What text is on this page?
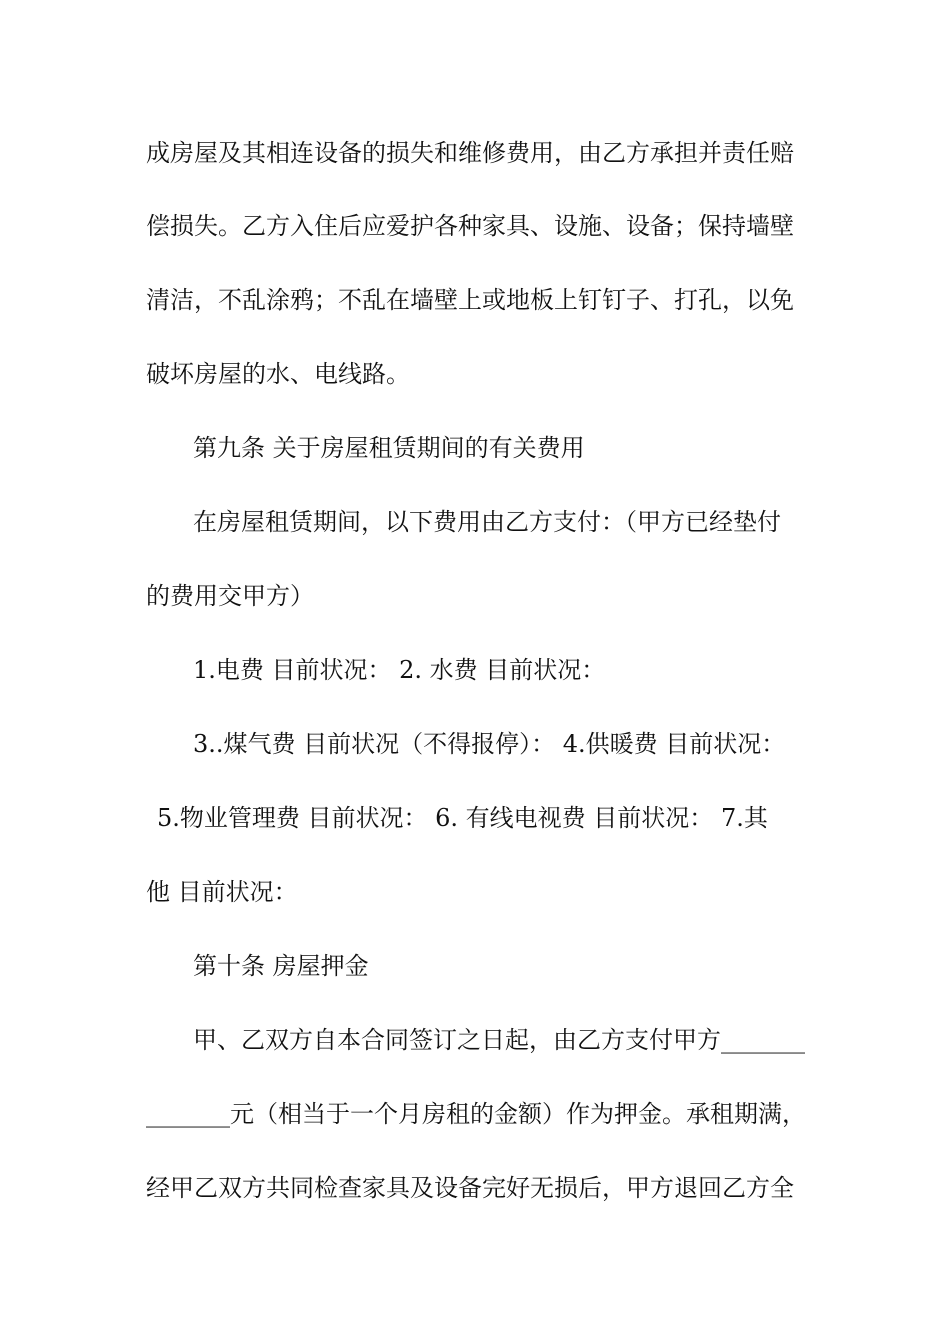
成房屋及其相连设备的损失和维修费用，由乙方承担并责任赔
偿损失。乙方入住后应爱护各种家具、设施、设备；保持墙壁
清洁，不乱涂鸦；不乱在墙壁上或地板上钉钉子、打孔，以免
破坏房屋的水、电线路。
第九条 关于房屋租赁期间的有关费用
在房屋租赁期间，以下费用由乙方支付：（甲方已经垫付
的费用交甲方）
1.电费 目前状况： 2. 水费 目前状况：
3..煤气费 目前状况（不得报停）： 4.供暖费 目前状况：
5.物业管理费 目前状况： 6. 有线电视费 目前状况： 7.其
他 目前状况：
第十条 房屋押金
甲、乙双方自本合同签订之日起，由乙方支付甲方_______
_______元（相当于一个月房租的金额）作为押金。承租期满，
经甲乙双方共同检查家具及设备完好无损后，甲方退回乙方全
